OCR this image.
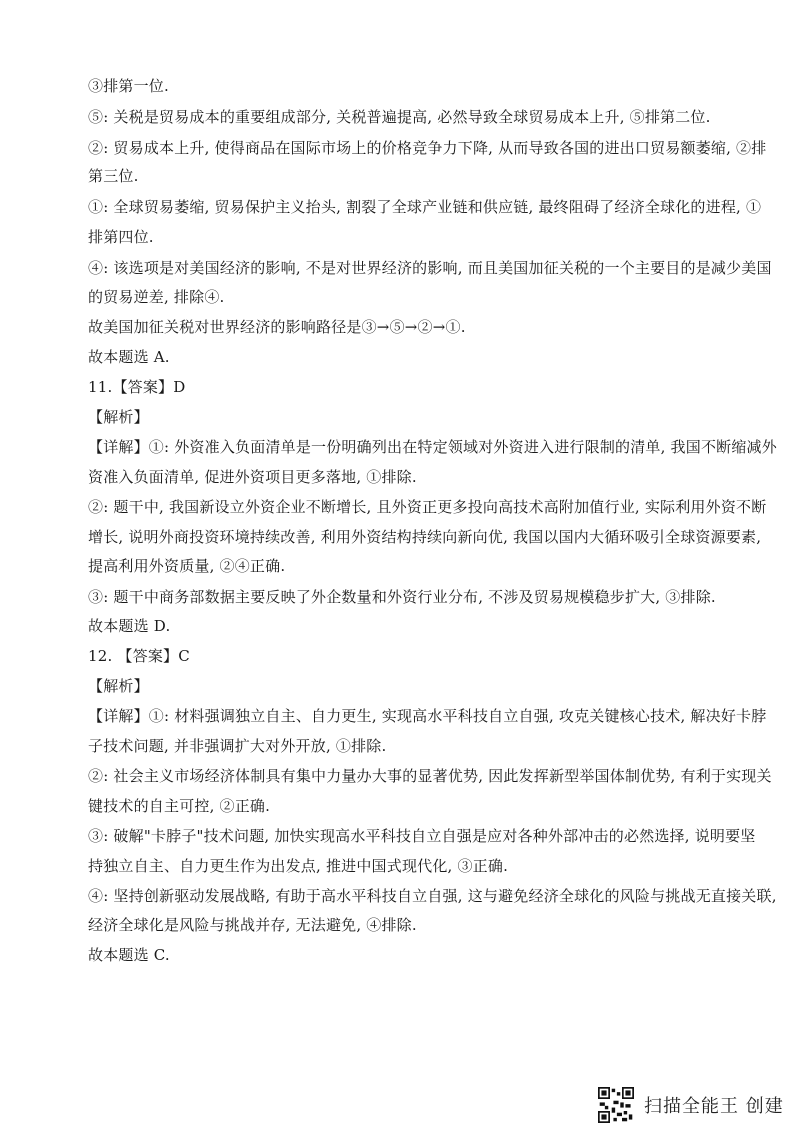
③排第一位.
⑤: 关税是贸易成本的重要组成部分, 关税普遍提高, 必然导致全球贸易成本上升, ⑤排第二位.
②: 贸易成本上升, 使得商品在国际市场上的价格竞争力下降, 从而导致各国的进出口贸易额萎缩, ②排
第三位.
①: 全球贸易萎缩, 贸易保护主义抬头, 割裂了全球产业链和供应链, 最终阻碍了经济全球化的进程, ①
排第四位.
④: 该选项是对美国经济的影响, 不是对世界经济的影响, 而且美国加征关税的一个主要目的是减少美国
的贸易逆差, 排除④.
故美国加征关税对世界经济的影响路径是③→⑤→②→①.
故本题选 A.
11.【答案】D
【解析】
【详解】①: 外资准入负面清单是一份明确列出在特定领域对外资进入进行限制的清单, 我国不断缩减外
资准入负面清单, 促进外资项目更多落地, ①排除.
②: 题干中, 我国新设立外资企业不断增长, 且外资正更多投向高技术高附加值行业, 实际利用外资不断
增长, 说明外商投资环境持续改善, 利用外资结构持续向新向优, 我国以国内大循环吸引全球资源要素,
提高利用外资质量, ②④正确.
③: 题干中商务部数据主要反映了外企数量和外资行业分布, 不涉及贸易规模稳步扩大, ③排除.
故本题选 D.
12. 【答案】C
【解析】
【详解】①: 材料强调独立自主、自力更生, 实现高水平科技自立自强, 攻克关键核心技术, 解决好卡脖
子技术问题, 并非强调扩大对外开放, ①排除.
②: 社会主义市场经济体制具有集中力量办大事的显著优势, 因此发挥新型举国体制优势, 有利于实现关
键技术的自主可控, ②正确.
③: 破解"卡脖子"技术问题, 加快实现高水平科技自立自强是应对各种外部冲击的必然选择, 说明要坚
持独立自主、自力更生作为出发点, 推进中国式现代化, ③正确.
④: 坚持创新驱动发展战略, 有助于高水平科技自立自强, 这与避免经济全球化的风险与挑战无直接关联,
经济全球化是风险与挑战并存, 无法避免, ④排除.
故本题选 C.
扫描全能王 创建
